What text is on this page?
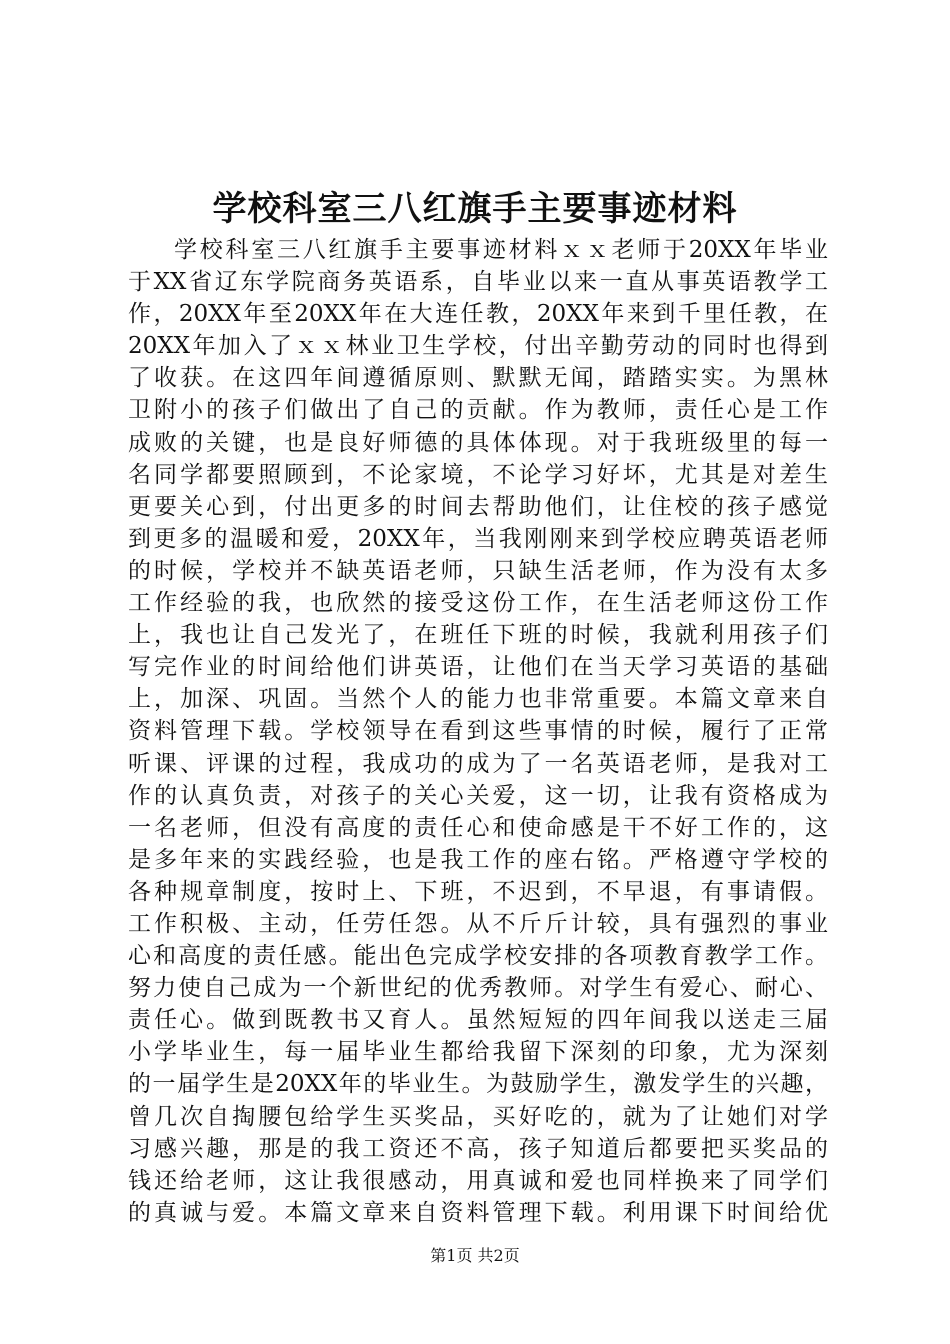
学校科室三八红旗手主要事迹材料
学校科室三八红旗手主要事迹材料ｘｘ老师于20XX年毕业
于XX省辽东学院商务英语系，自毕业以来一直从事英语教学工
作，20XX年至20XX年在大连任教，20XX年来到千里任教，在
20XX年加入了ｘｘ林业卫生学校，付出辛勤劳动的同时也得到
了收获。在这四年间遵循原则、默默无闻，踏踏实实。为黑林
卫附小的孩子们做出了自己的贡献。作为教师，责任心是工作
成败的关键，也是良好师德的具体体现。对于我班级里的每一
名同学都要照顾到，不论家境，不论学习好坏，尤其是对差生
更要关心到，付出更多的时间去帮助他们，让住校的孩子感觉
到更多的温暖和爱，20XX年，当我刚刚来到学校应聘英语老师
的时候，学校并不缺英语老师，只缺生活老师，作为没有太多
工作经验的我，也欣然的接受这份工作，在生活老师这份工作
上，我也让自己发光了，在班任下班的时候，我就利用孩子们
写完作业的时间给他们讲英语，让他们在当天学习英语的基础
上，加深、巩固。当然个人的能力也非常重要。本篇文章来自
资料管理下载。学校领导在看到这些事情的时候，履行了正常
听课、评课的过程，我成功的成为了一名英语老师，是我对工
作的认真负责，对孩子的关心关爱，这一切，让我有资格成为
一名老师，但没有高度的责任心和使命感是干不好工作的，这
是多年来的实践经验，也是我工作的座右铭。严格遵守学校的
各种规章制度，按时上、下班，不迟到，不早退，有事请假。
工作积极、主动，任劳任怨。从不斤斤计较，具有强烈的事业
心和高度的责任感。能出色完成学校安排的各项教育教学工作。
努力使自己成为一个新世纪的优秀教师。对学生有爱心、耐心、
责任心。做到既教书又育人。虽然短短的四年间我以送走三届
小学毕业生，每一届毕业生都给我留下深刻的印象，尤为深刻
的一届学生是20XX年的毕业生。为鼓励学生，激发学生的兴趣，
曾几次自掏腰包给学生买奖品，买好吃的，就为了让她们对学
习感兴趣，那是的我工资还不高，孩子知道后都要把买奖品的
钱还给老师，这让我很感动，用真诚和爱也同样换来了同学们
的真诚与爱。本篇文章来自资料管理下载。利用课下时间给优
第1页 共2页
